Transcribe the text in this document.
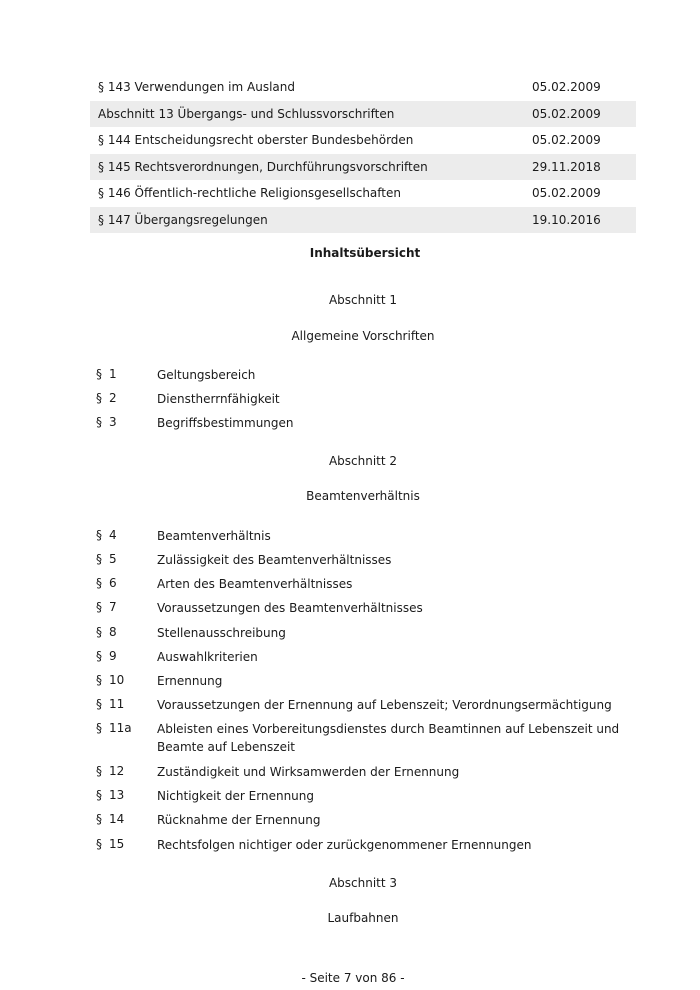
§ 143 Verwendungen im Ausland	05.02.2009
Abschnitt 13 Übergangs- und Schlussvorschriften	05.02.2009
§ 144 Entscheidungsrecht oberster Bundesbehörden	05.02.2009
§ 145 Rechtsverordnungen, Durchführungsvorschriften	29.11.2018
§ 146 Öffentlich-rechtliche Religionsgesellschaften	05.02.2009
§ 147 Übergangsregelungen	19.10.2016
Inhaltsübersicht
Abschnitt 1
Allgemeine Vorschriften
§ 1	Geltungsbereich
§ 2	Dienstherrnfähigkeit
§ 3	Begriffsbestimmungen
Abschnitt 2
Beamtenverhältnis
§ 4	Beamtenverhältnis
§ 5	Zulässigkeit des Beamtenverhältnisses
§ 6	Arten des Beamtenverhältnisses
§ 7	Voraussetzungen des Beamtenverhältnisses
§ 8	Stellenausschreibung
§ 9	Auswahlkriterien
§ 10	Ernennung
§ 11	Voraussetzungen der Ernennung auf Lebenszeit; Verordnungsermächtigung
§ 11a Ableisten eines Vorbereitungsdienstes durch Beamtinnen auf Lebenszeit und Beamte auf Lebenszeit
§ 12	Zuständigkeit und Wirksamwerden der Ernennung
§ 13	Nichtigkeit der Ernennung
§ 14	Rücknahme der Ernennung
§ 15	Rechtsfolgen nichtiger oder zurückgenommener Ernennungen
Abschnitt 3
Laufbahnen
- Seite 7 von 86 -
